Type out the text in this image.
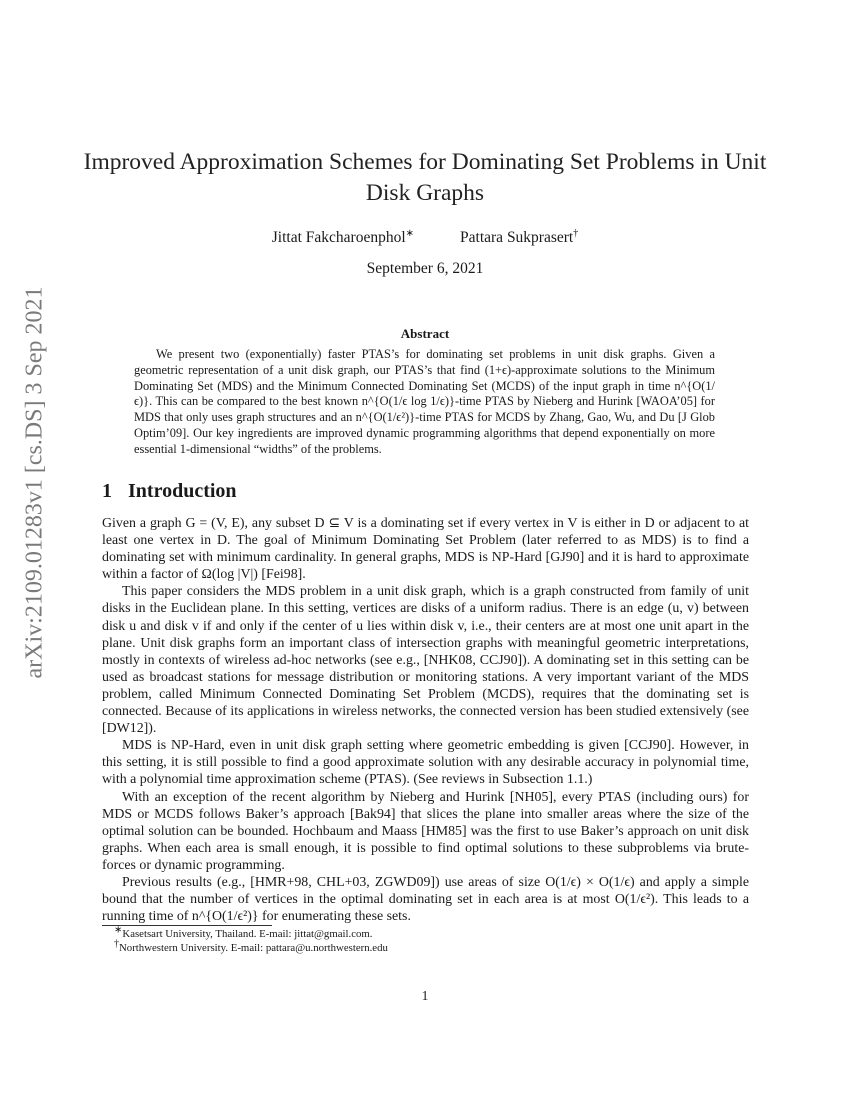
arXiv:2109.01283v1 [cs.DS] 3 Sep 2021
Improved Approximation Schemes for Dominating Set Problems in Unit Disk Graphs
Jittat Fakcharoenphol∗	Pattara Sukprasert†
September 6, 2021
Abstract
We present two (exponentially) faster PTAS’s for dominating set problems in unit disk graphs. Given a geometric representation of a unit disk graph, our PTAS’s that find (1+ϵ)-approximate solutions to the Minimum Dominating Set (MDS) and the Minimum Connected Dominating Set (MCDS) of the input graph in time n^{O(1/ϵ)}. This can be compared to the best known n^{O(1/ϵ log 1/ϵ)}-time PTAS by Nieberg and Hurink [WAOA’05] for MDS that only uses graph structures and an n^{O(1/ϵ²)}-time PTAS for MCDS by Zhang, Gao, Wu, and Du [J Glob Optim’09]. Our key ingredients are improved dynamic programming algorithms that depend exponentially on more essential 1-dimensional “widths” of the problems.
1 Introduction

Given a graph G = (V, E), any subset D ⊆ V is a dominating set if every vertex in V is either in D or adjacent to at least one vertex in D. The goal of Minimum Dominating Set Problem (later referred to as MDS) is to find a dominating set with minimum cardinality. In general graphs, MDS is NP-Hard [GJ90] and it is hard to approximate within a factor of Ω(log |V|) [Fei98].

This paper considers the MDS problem in a unit disk graph, which is a graph constructed from family of unit disks in the Euclidean plane. In this setting, vertices are disks of a uniform radius. There is an edge (u, v) between disk u and disk v if and only if the center of u lies within disk v, i.e., their centers are at most one unit apart in the plane. Unit disk graphs form an important class of intersection graphs with meaningful geometric interpretations, mostly in contexts of wireless ad-hoc networks (see e.g., [NHK08, CCJ90]). A dominating set in this setting can be used as broadcast stations for message distribution or monitoring stations. A very important variant of the MDS problem, called Minimum Connected Dominating Set Problem (MCDS), requires that the dominating set is connected. Because of its applications in wireless networks, the connected version has been studied extensively (see [DW12]).

MDS is NP-Hard, even in unit disk graph setting where geometric embedding is given [CCJ90]. However, in this setting, it is still possible to find a good approximate solution with any desirable accuracy in polynomial time, with a polynomial time approximation scheme (PTAS). (See reviews in Subsection 1.1.)

With an exception of the recent algorithm by Nieberg and Hurink [NH05], every PTAS (including ours) for MDS or MCDS follows Baker’s approach [Bak94] that slices the plane into smaller areas where the size of the optimal solution can be bounded. Hochbaum and Maass [HM85] was the first to use Baker’s approach on unit disk graphs. When each area is small enough, it is possible to find optimal solutions to these subproblems via brute-forces or dynamic programming.

Previous results (e.g., [HMR+98, CHL+03, ZGWD09]) use areas of size O(1/ϵ) × O(1/ϵ) and apply a simple bound that the number of vertices in the optimal dominating set in each area is at most O(1/ϵ²). This leads to a running time of n^{O(1/ϵ²)} for enumerating these sets.

∗Kasetsart University, Thailand. E-mail: jittat@gmail.com.
†Northwestern University. E-mail: pattara@u.northwestern.edu
1
